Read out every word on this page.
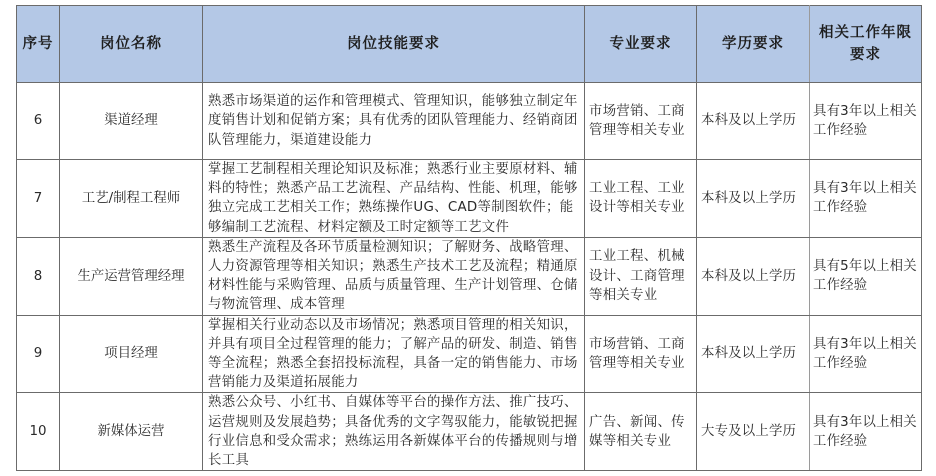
序号	岗位名称	岗位技能要求	专业要求	学历要求	相关工作年限要求
6	渠道经理	熟悉市场渠道的运作和管理模式、管理知识，能够独立制定年度销售计划和促销方案；具有优秀的团队管理能力、经销商团队管理能力，渠道建设能力	市场营销、工商管理等相关专业	本科及以上学历	具有3年以上相关工作经验
7	工艺/制程工程师	掌握工艺制程相关理论知识及标准；熟悉行业主要原材料、辅料的特性；熟悉产品工艺流程、产品结构、性能、机理，能够独立完成工艺相关工作；熟练操作UG、CAD等制图软件；能够编制工艺流程、材料定额及工时定额等工艺文件	工业工程、工业设计等相关专业	本科及以上学历	具有3年以上相关工作经验
8	生产运营管理经理	熟悉生产流程及各环节质量检测知识；了解财务、战略管理、人力资源管理等相关知识；熟悉生产技术工艺及流程；精通原材料性能与采购管理、品质与质量管理、生产计划管理、仓储与物流管理、成本管理	工业工程、机械设计、工商管理等相关专业	本科及以上学历	具有5年以上相关工作经验
9	项目经理	掌握相关行业动态以及市场情况；熟悉项目管理的相关知识，并具有项目全过程管理的能力；了解产品的研发、制造、销售等全流程；熟悉全套招投标流程，具备一定的销售能力、市场营销能力及渠道拓展能力	市场营销、工商管理等相关专业	本科及以上学历	具有3年以上相关工作经验
10	新媒体运营	熟悉公众号、小红书、自媒体等平台的操作方法、推广技巧、运营规则及发展趋势；具备优秀的文字驾驭能力，能敏锐把握行业信息和受众需求；熟练运用各新媒体平台的传播规则与增长工具	广告、新闻、传媒等相关专业	大专及以上学历	具有3年以上相关工作经验
